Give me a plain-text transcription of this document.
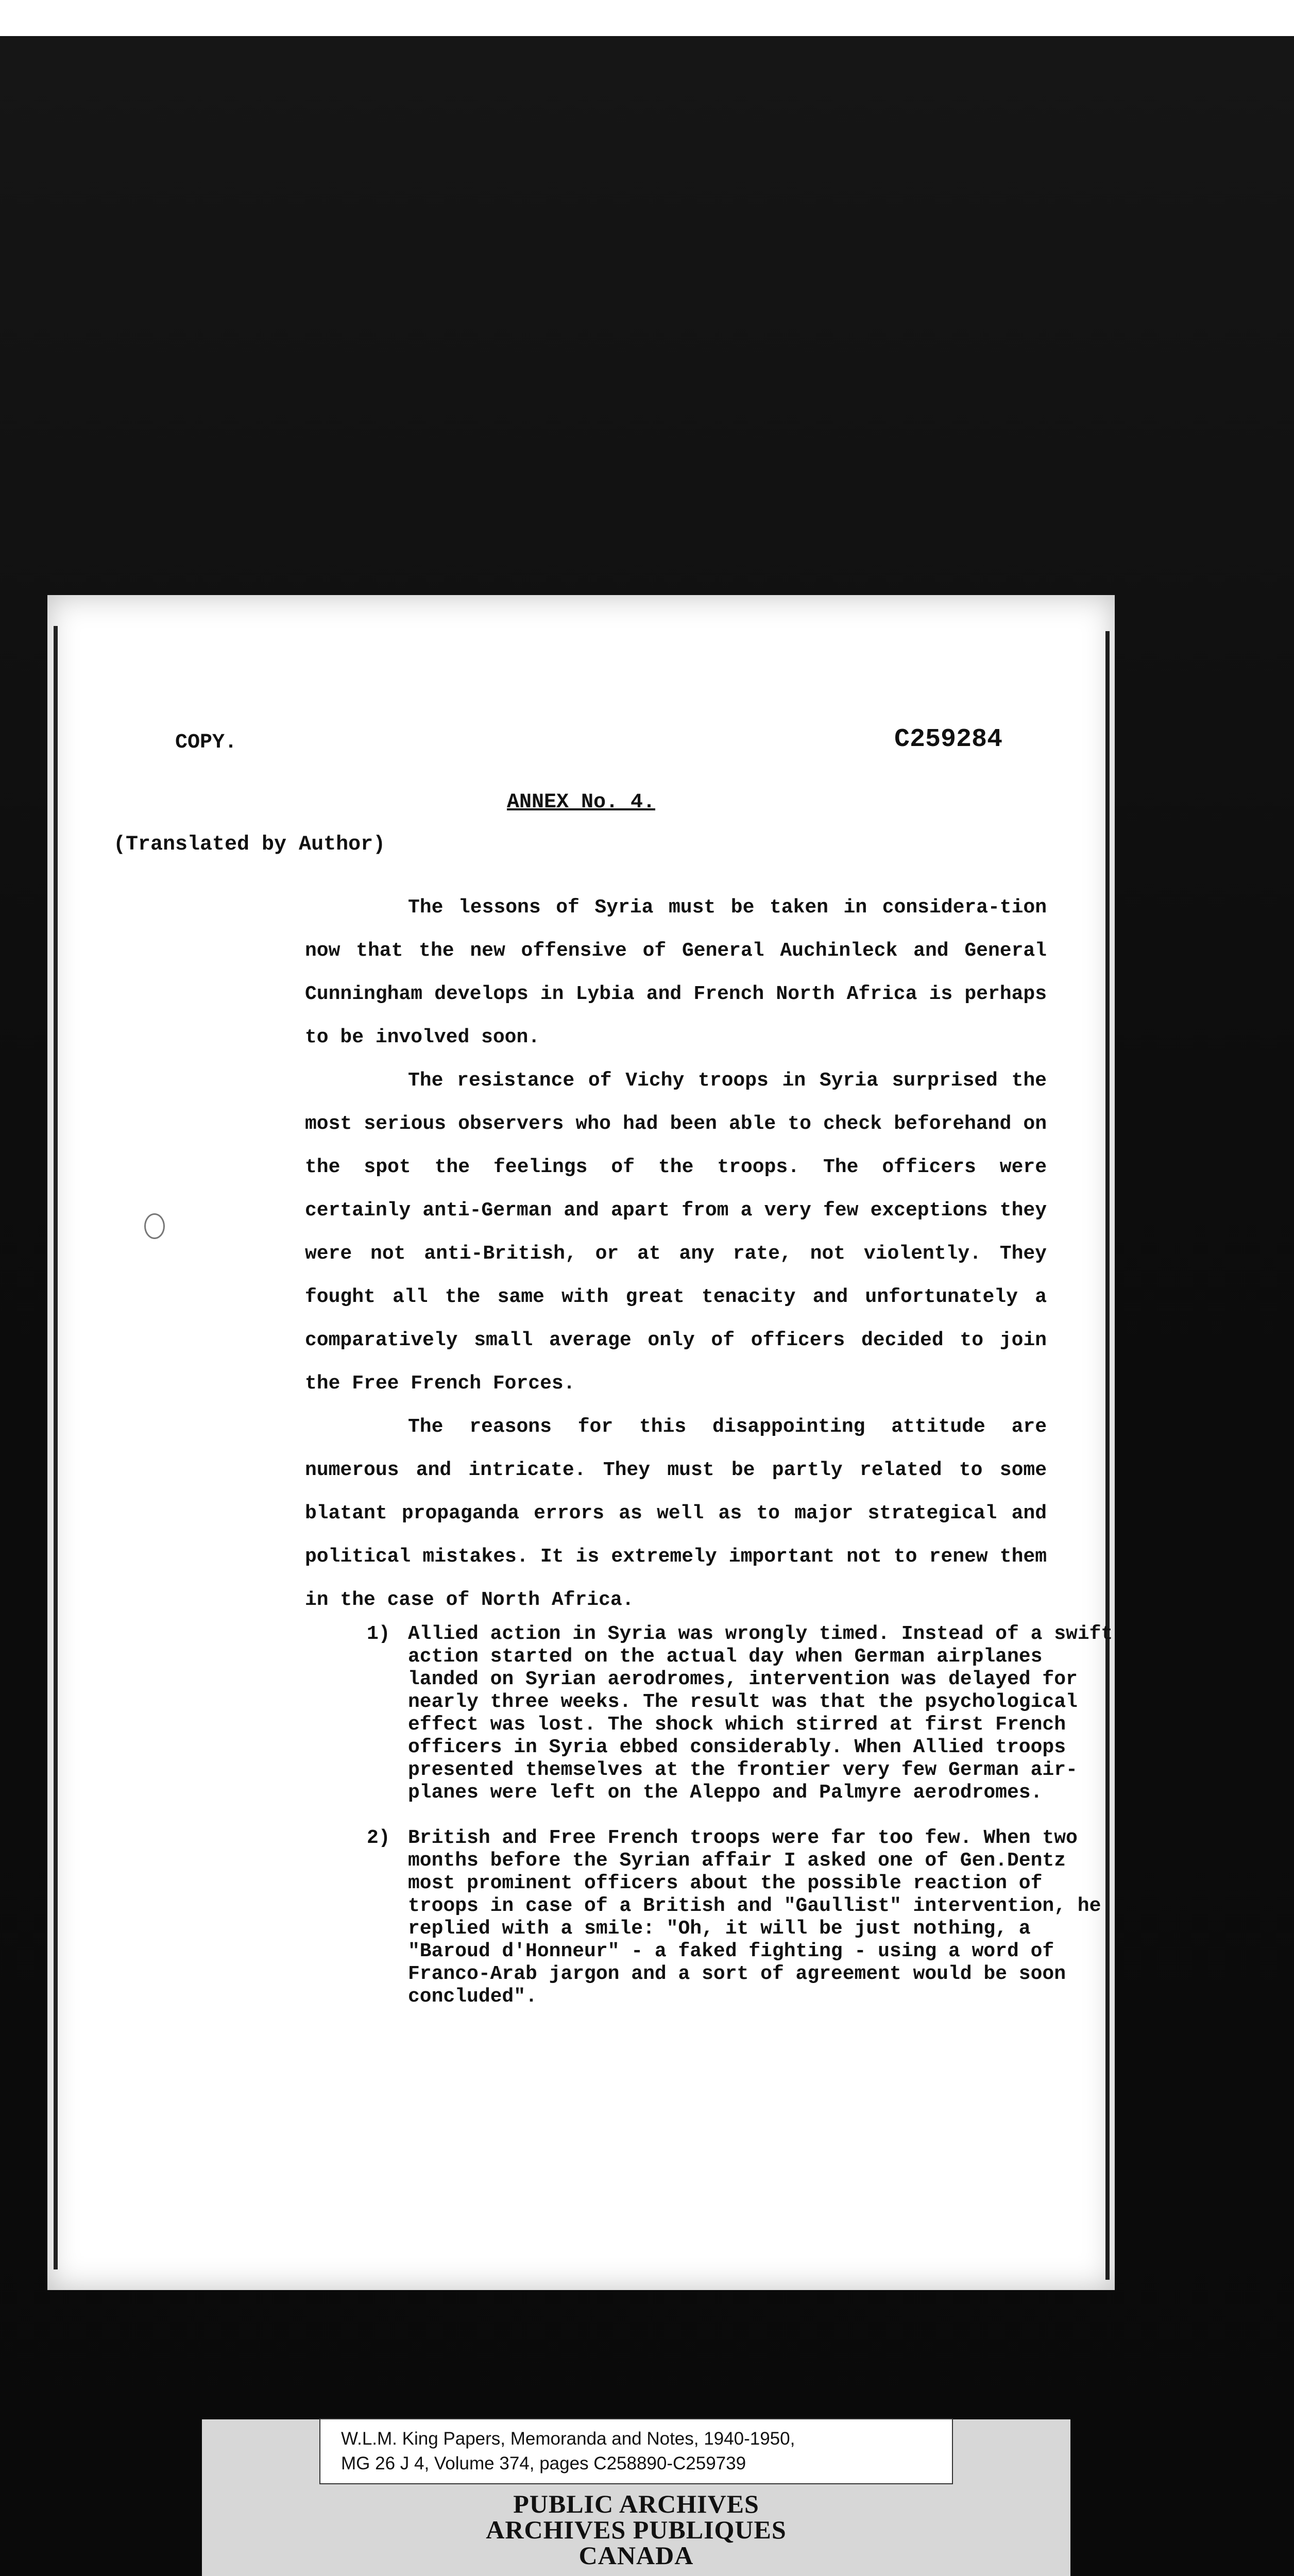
COPY.	C259284
ANNEX No. 4.
(Translated by Author)

The lessons of Syria must be taken in considera-tion now that the new offensive of General Auchinleck and General Cunningham develops in Lybia and French North Africa is perhaps to be involved soon.

The resistance of Vichy troops in Syria surprised the most serious observers who had been able to check beforehand on the spot the feelings of the troops. The officers were certainly anti-German and apart from a very few exceptions they were not anti-British, or at any rate, not violently. They fought all the same with great tenacity and unfortunately a comparatively small average only of officers decided to join the Free French Forces.

The reasons for this disappointing attitude are numerous and intricate. They must be partly related to some blatant propaganda errors as well as to major strategical and political mistakes. It is extremely important not to renew them in the case of North Africa.

1) Allied action in Syria was wrongly timed. Instead of a swift action started on the actual day when German airplanes landed on Syrian aerodromes, intervention was delayed for nearly three weeks. The result was that the psychological effect was lost. The shock which stirred at first French officers in Syria ebbed considerably. When Allied troops presented themselves at the frontier very few German air-planes were left on the Aleppo and Palmyre aerodromes.
2) British and Free French troops were far too few. When two months before the Syrian affair I asked one of Gen.Dentz most prominent officers about the possible reaction of troops in case of a British and "Gaullist" intervention, he replied with a smile: "Oh, it will be just nothing, a "Baroud d'Honneur" - a faked fighting - using a word of Franco-Arab jargon and a sort of agreement would be soon concluded".
W.L.M. King Papers, Memoranda and Notes, 1940-1950,
MG 26 J 4, Volume 374, pages C258890-C259739
PUBLIC ARCHIVES
ARCHIVES PUBLIQUES
CANADA
